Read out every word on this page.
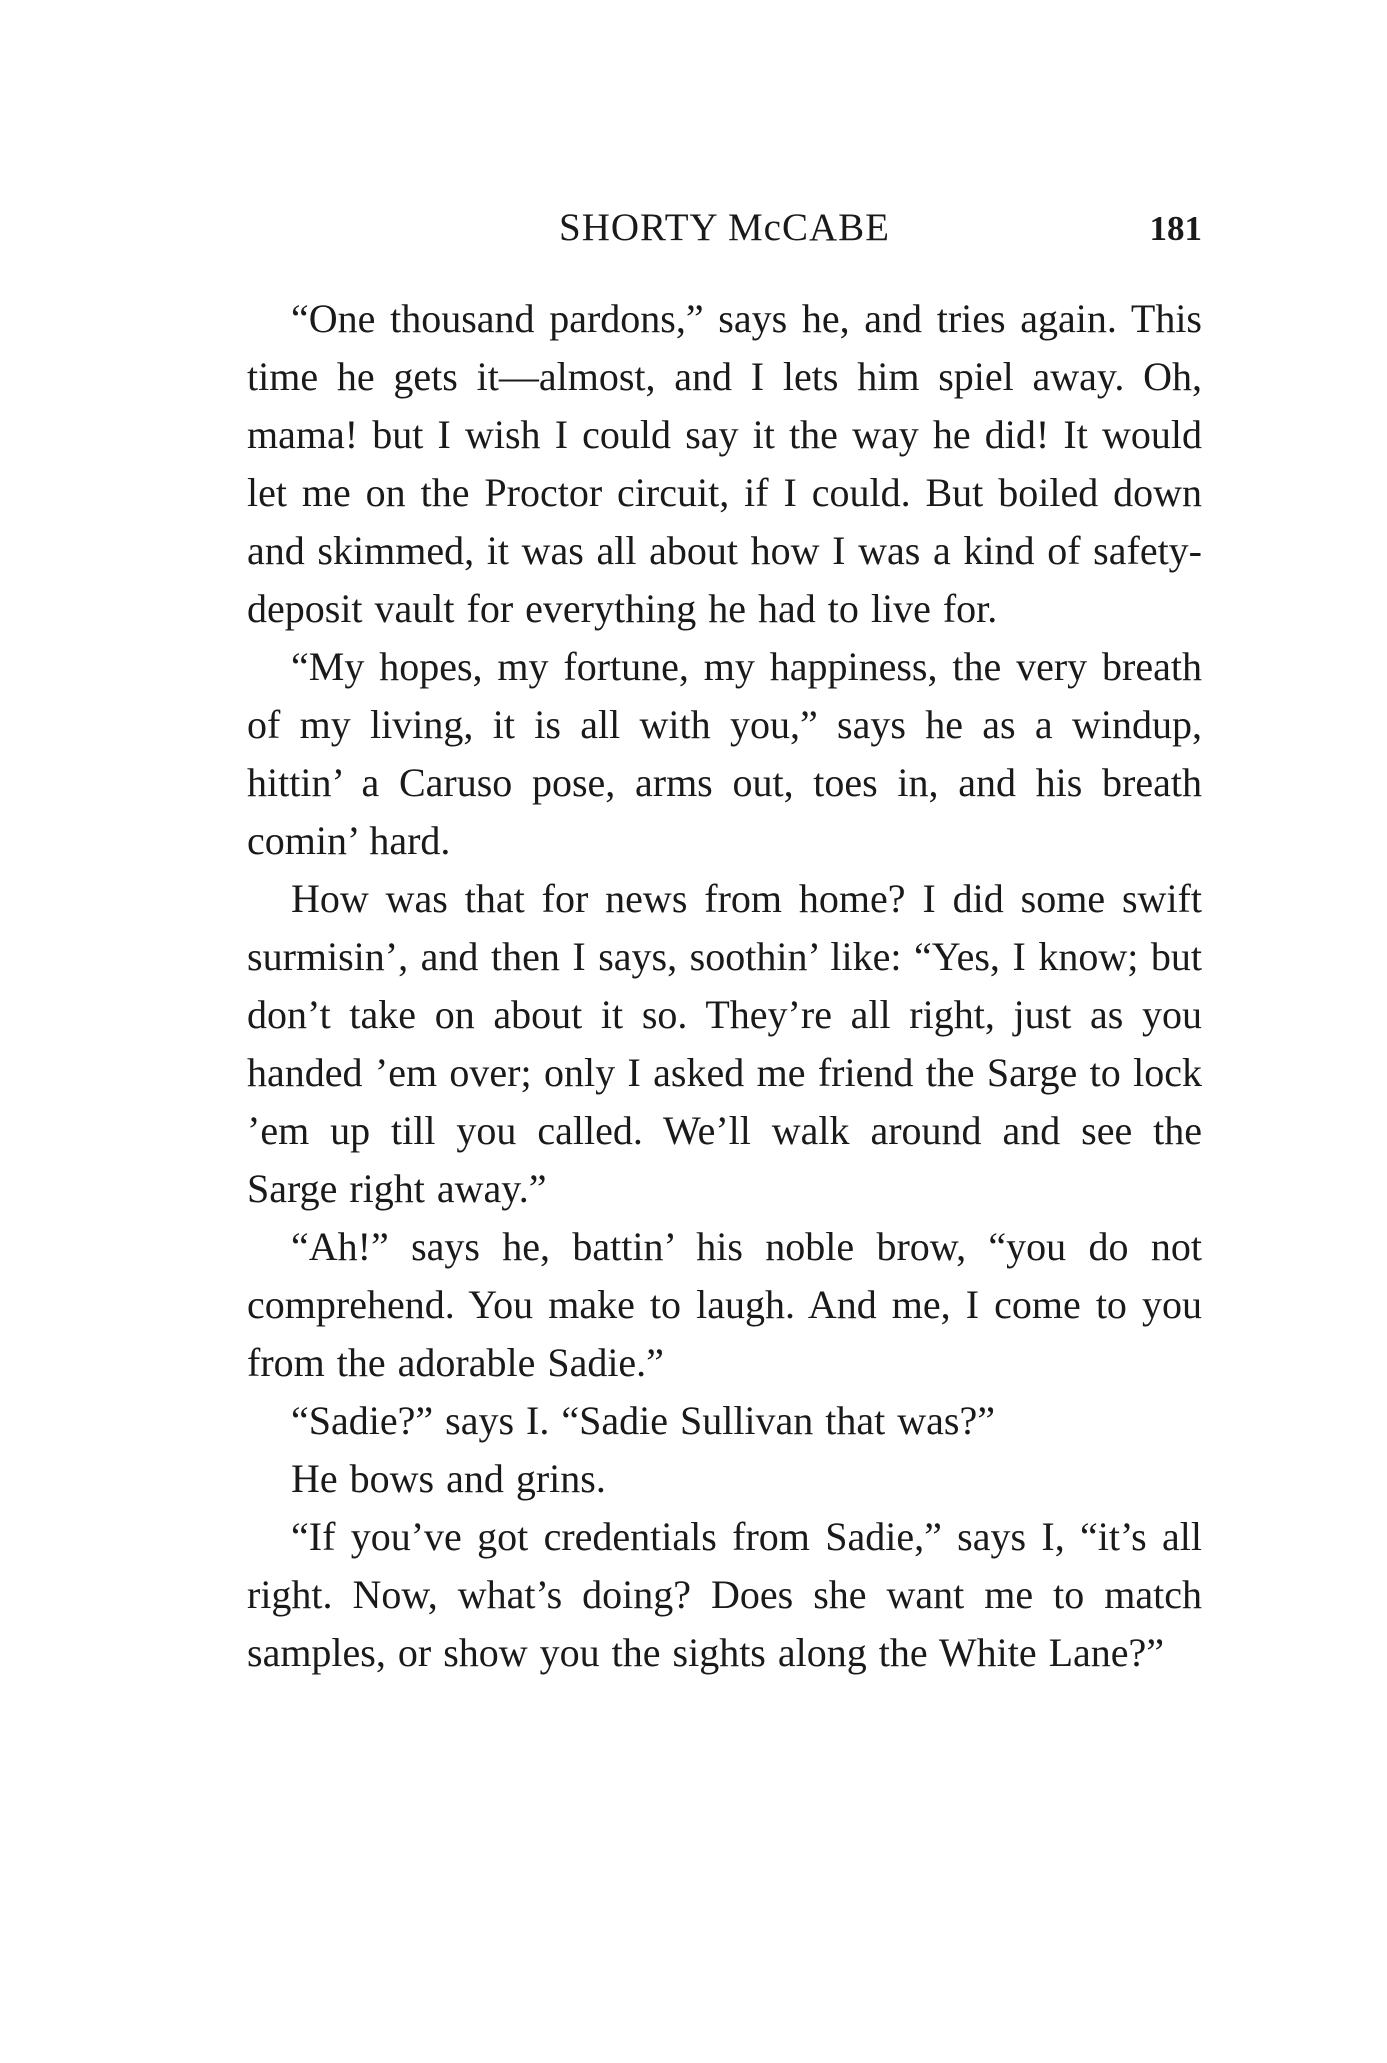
SHORTY McCABE	181

“One thousand pardons,” says he, and tries again. This time he gets it—almost, and I lets him spiel away. Oh, mama! but I wish I could say it the way he did! It would let me on the Proctor circuit, if I could. But boiled down and skimmed, it was all about how I was a kind of safety-deposit vault for everything he had to live for.

“My hopes, my fortune, my happiness, the very breath of my living, it is all with you,” says he as a windup, hittin’ a Caruso pose, arms out, toes in, and his breath comin’ hard.

How was that for news from home? I did some swift surmisin’, and then I says, soothin’ like: “Yes, I know; but don’t take on about it so. They’re all right, just as you handed ’em over; only I asked me friend the Sarge to lock ’em up till you called. We’ll walk around and see the Sarge right away.”

“Ah!” says he, battin’ his noble brow, “you do not comprehend. You make to laugh. And me, I come to you from the adorable Sadie.”

“Sadie?” says I. “Sadie Sullivan that was?”

He bows and grins.

“If you’ve got credentials from Sadie,” says I, “it’s all right. Now, what’s doing? Does she want me to match samples, or show you the sights along the White Lane?”
